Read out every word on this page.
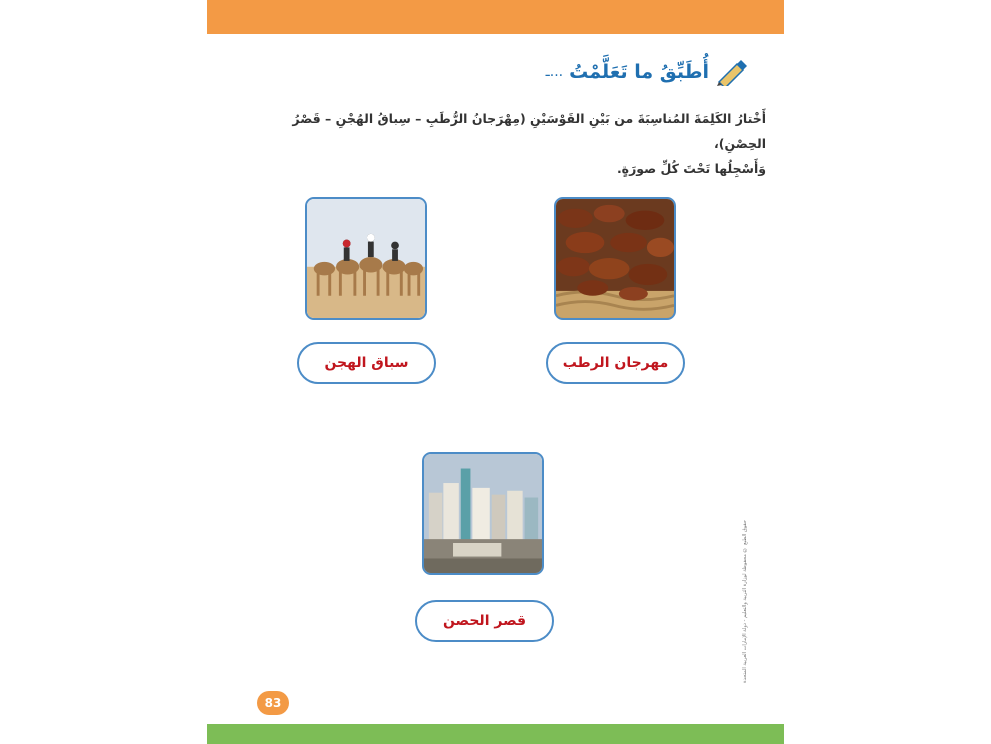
أُطَبِّقُ ما تَعَلَّمْتُ
...ـ
أَخْتارُ الكَلِمَةَ المُناسِبَةَ من بَيْنِ القَوْسَيْنِ (مِهْرَجانُ الرُّطَبِ – سِباقُ الهُجْنِ – قَصْرُ الحِصْنِ)،
وَأَسْجِلُها تَحْتَ كُلِّ صورَةٍ.
مهرجان الرطب
سباق الهجن
قصر الحصن
83
حقوق الطبع © محفوظة لوزارة التربية والتعليم - دولة الإمارات العربية المتحدة
